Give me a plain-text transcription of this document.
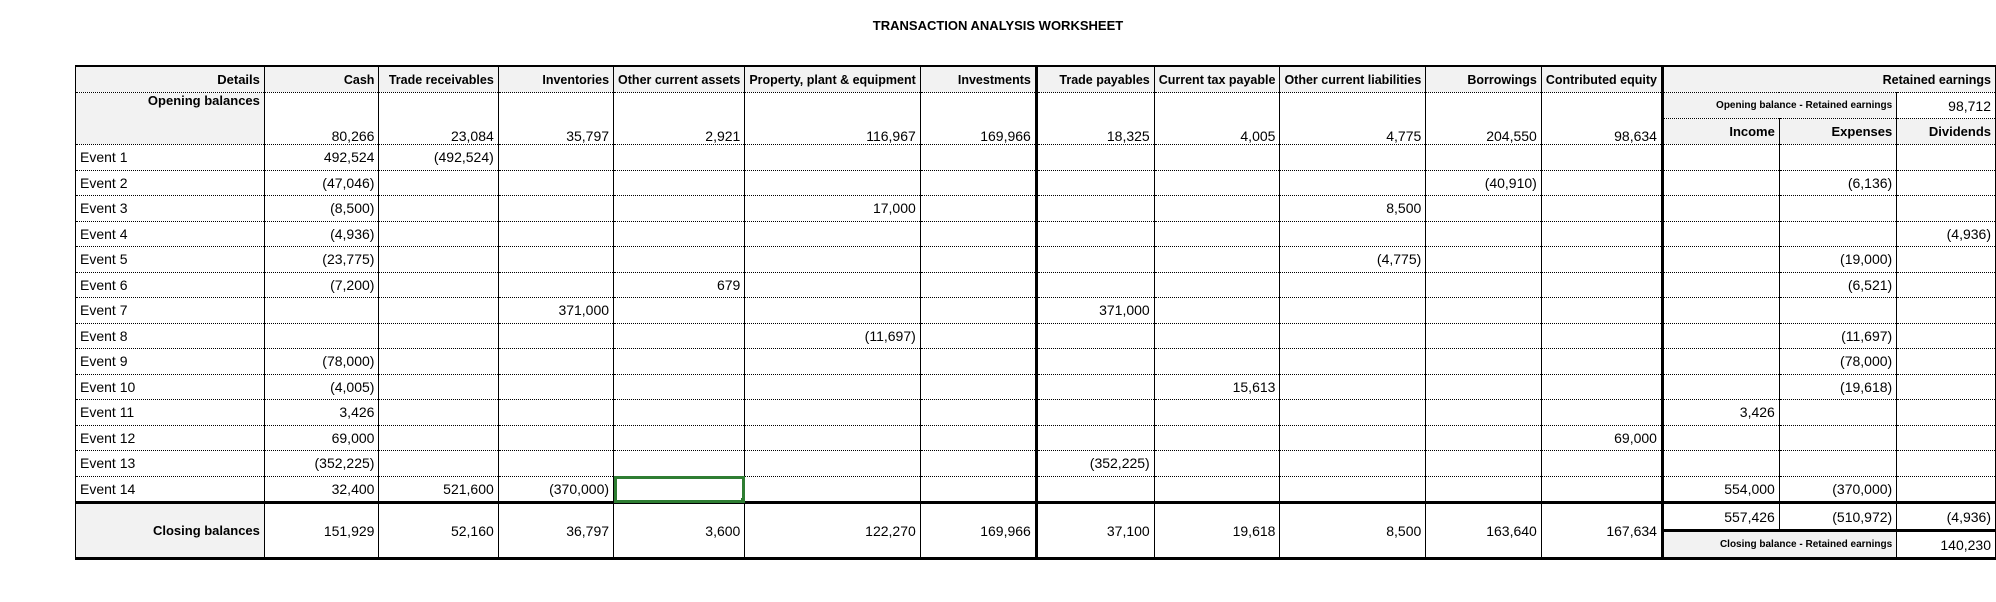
TRANSACTION ANALYSIS WORKSHEET
Details	Cash	Trade receivables	Inventories	Other current assets	Property, plant & equipment	Investments	Trade payables	Current tax payable	Other current liabilities	Borrowings	Contributed equity	Retained earnings		
Opening balances	80,266	23,084	35,797	2,921	116,967	169,966	18,325	4,005	4,775	204,550	98,634	Opening balance - Retained earnings		98,712
												Income	Expenses	Dividends
Event 1	492,524	(492,524)												
Event 2	(47,046)									(40,910)			(6,136)	
Event 3	(8,500)				17,000				8,500					
Event 4	(4,936)													(4,936)
Event 5	(23,775)								(4,775)				(19,000)	
Event 6	(7,200)			679									(6,521)	
Event 7			371,000				371,000							
Event 8					(11,697)								(11,697)	
Event 9	(78,000)												(78,000)	
Event 10	(4,005)							15,613					(19,618)	
Event 11	3,426											3,426		
Event 12	69,000										69,000			
Event 13	(352,225)						(352,225)							
Event 14	32,400	521,600	(370,000)									554,000	(370,000)	
Closing balances	151,929	52,160	36,797	3,600	122,270	169,966	37,100	19,618	8,500	163,640	167,634	557,426	(510,972)	(4,936)
												Closing balance - Retained earnings		140,230
